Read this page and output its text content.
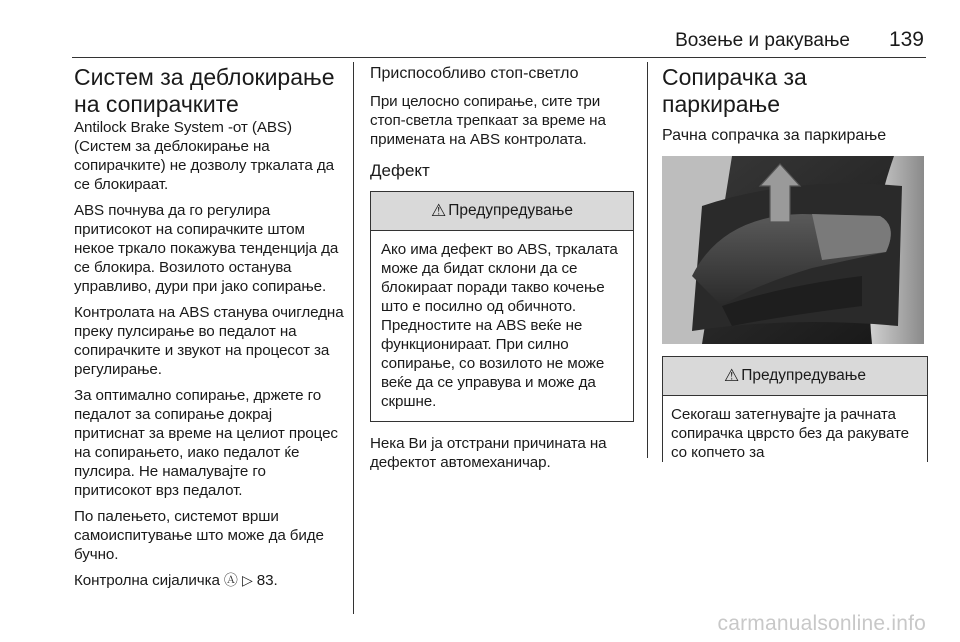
Возење и ракување 139
Систем за деблокирање на сопирачките

Antilock Brake System -от (ABS) (Систем за деблокирање на сопирачките) не дозволу тркалата да се блокираат.

ABS почнува да го регулира притисокот на сопирачките штом некое тркало покажува тенденција да се блокира. Возилото останува управливо, дури при јако сопирање.

Контролата на ABS станува очигледна преку пулсирање во педалот на сопирачките и звукот на процесот за регулирање.

За оптимално сопирање, држете го педалот за сопирање докрај притиснат за време на целиот процес на сопирањето, иако педалот ќе пулсира. Не намалувајте го притисокот врз педалот.

По палењето, системот врши самоиспитување што може да биде бучно.

Контролна сијаличка Ⓐ ▷ 83.

Приспособливо стоп-светло

При целосно сопирање, сите три стоп-светла трепкаат за време на применатa на ABS контролата.

Дефект
⚠ Предупредување

Ако има дефект во ABS, тркалата може да бидат склони да се блокираат поради такво кочење што е посилно од обичното. Предностите на ABS веќе не функционираат. При силно сопирање, со возилото не може веќе да се управува и може да скршне.

Нека Ви ја отстрани причината на дефектот автомеханичар.

Сопирачка за паркирање
Рачна сопрачка за паркирање
⚠ Предупредување

Секогаш затегнувајте ја рачната сопирачка цврсто без да ракувате со копчето за

carmanualsonline.info
